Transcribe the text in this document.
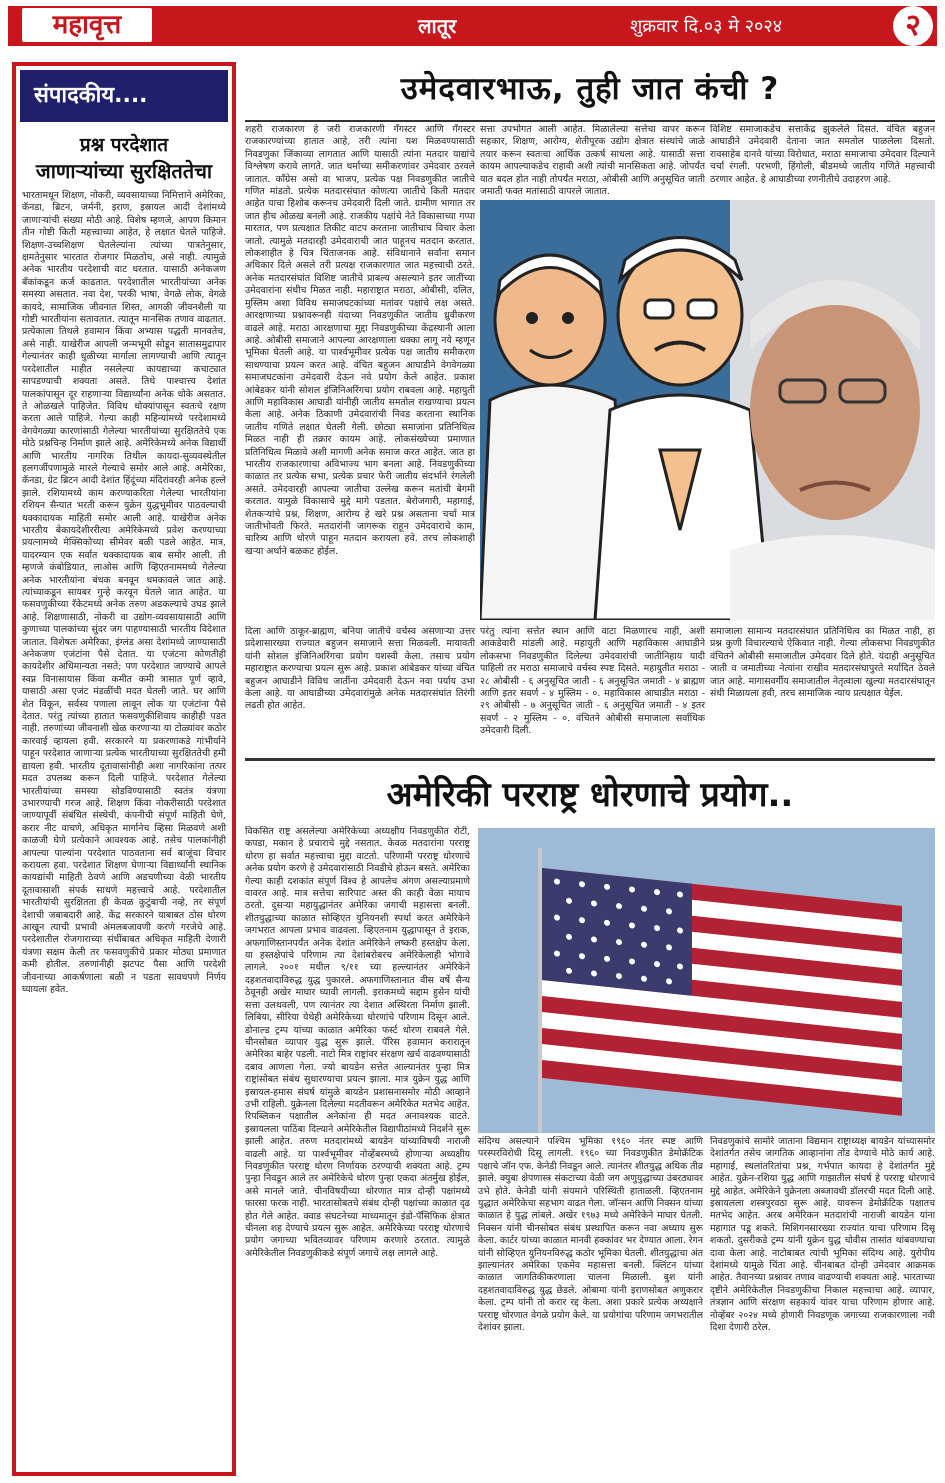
महावृत्त	लातूर	शुक्रवार दि.०३ मे २०२४	२
संपादकीय....
प्रश्न परदेशात
जाणार्‍यांच्या सुरक्षिततेचा

भारतामधून शिक्षण, नोकरी, व्यवसायाच्या निमित्ताने अमेरिका, कॅनडा, ब्रिटन, जर्मनी, इराण, इस्रायल आदी देशांमध्ये जाणार्‍यांची संख्या मोठी आहे. विशेष म्हणजे, आपण किमान तीन गोष्टी किती महत्त्वाच्या आहेत, हे लक्षात घेतले पाहिजे. शिक्षण-उच्चशिक्षण घेतलेल्यांना त्यांच्या पात्रतेनुसार, क्षमतेनुसार भारतात रोजगार मिळतोच, असे नाही. त्यामुळे अनेक भारतीय परदेशाची वाट धरतात. यासाठी अनेकजण बॅंकांकडून कर्ज काढतात. परदेशातील भारतीयांच्या अनेक समस्या असतात. नवा देश, परकी भाषा, वेगळे लोक, वेगळे कायदे, सामाजिक जीवनात शिस्त, आगळी जीवनशैली या गोष्टी भारतीयांना सतावतात. त्यातून मानसिक तणाव वाढतात. प्रत्येकाला तिथले हवामान किंवा अभ्यास पद्धती मानवतेच, असे नाही. याखेरीज आपली जन्मभूमी सोडून सातासमुद्रापार गेल्यानंतर काही धुळीच्या मार्गाला लागण्याची आणि त्यातून परदेशातील माहीत नसलेल्या कायद्याच्या कचाट्यात सापडण्याची शक्यता असते. तिथे पाश्चात्त्य देशांत पालकांपासून दूर राहणार्‍या विद्यार्थ्यांना अनेक धोके असतात. ते ओळखले पाहिजेत. विविध धोक्यांपासून स्वतःचे रक्षण करता आले पाहिजे. गेल्या काही महिन्यांमध्ये परदेशामध्ये वेगवेगळ्या कारणांसाठी गेलेल्या भारतीयांच्या सुरक्षिततेचे एक मोठे प्रश्नचिन्ह निर्माण झाले आहे. अमेरिकेमध्ये अनेक विद्यार्थी आणि भारतीय नागरिक तिथील कायदा-सुव्यवस्थेतील हलगर्जीपणामुळे मारले गेल्याचे समोर आले आहे. अमेरिका, कॅनडा, ग्रेट ब्रिटन आदी देशांत हिंदूंच्या मंदिरांवरही अनेक हल्ले झाले. रशियामध्ये काम करण्याकरिता गेलेल्या भारतीयांना रशियन सैन्यात भरती करून युक्रेन युद्धभूमीवर पाठवल्याची धक्कादायक माहिती समोर आली आहे. याखेरीज अनेक भारतीय बेकायदेशीररीत्या अमेरिकेमध्ये प्रवेश करण्याच्या प्रयत्नामध्ये मेक्सिकोच्या सीमेवर बळी पडले आहेत. मात्र, यादरम्यान एक सर्वात धक्कादायक बाब समोर आली. ती म्हणजे कंबोडियात, लाओस आणि व्हिएतनाममध्ये गेलेल्या अनेक भारतीयांना बंधक बनवून धमकावले जात आहे. त्यांच्याकडून सायबर गुन्हे करवून घेतले जात आहेत. या फसवणुकीच्या रॅकेटमध्ये अनेक तरुण अडकल्याचे उघड झाले आहे. शिक्षणासाठी, नोकरी वा उद्योग-व्यवसायासाठी आणि कुणाच्या पालकांच्या सुंदर जग पाहण्यासाठी भारतीय विदेशात जातात. विशेषतः अमेरिका, इंग्लंड असा देशांमध्ये जाण्यासाठी अनेकजण एजंटांना पैसे देतात. या एजंटना कोणतीही कायदेशीर अधिमान्यता नसते; पण परदेशात जाण्याचे आपले स्वप्न विनासायास किंवा कमीत कमी त्रासात पूर्ण व्हावे, यासाठी असा एजंट मंडळींची मदत घेतली जाते. घर आणि शेत विकून, सर्वस्व पणाला लावून लोक या एजंटांना पैसे देतात. परंतु त्यांच्या हातात फसवणुकीशिवाय काहीही पडत नाही. तरुणांच्या जीवनाशी खेळ करणार्‍या या टोळ्यांवर कठोर कारवाई व्हायला हवी. सरकारने या प्रकरणाकडे गांभीर्याने पाहून परदेशात जाणार्‍या प्रत्येक भारतीयाच्या सुरक्षिततेची हमी द्यायला हवी. भारतीय दूतावासांनीही अशा नागरिकांना तत्पर मदत उपलब्ध करून दिली पाहिजे. परदेशात गेलेल्या भारतीयांच्या समस्या सोडविण्यासाठी स्वतंत्र यंत्रणा उभारण्याची गरज आहे. शिक्षण किंवा नोकरीसाठी परदेशात जाण्यापूर्वी संबंधित संस्थेची, कंपनीची संपूर्ण माहिती घेणे, करार नीट वाचणे, अधिकृत मार्गानेच व्हिसा मिळवणे अशी काळजी घेणे प्रत्येकाने आवश्यक आहे. तसेच पालकांनीही आपल्या पाल्यांना परदेशात पाठवताना सर्व बाजूंचा विचार करायला हवा. परदेशात शिक्षण घेणार्‍या विद्यार्थ्यांनी स्थानिक कायद्यांची माहिती ठेवणे आणि अडचणीच्या वेळी भारतीय दूतावासाशी संपर्क साधणे महत्त्वाचे आहे. परदेशातील भारतीयांची सुरक्षितता ही केवळ कुटुंबाची नव्हे, तर संपूर्ण देशाची जबाबदारी आहे. केंद्र सरकारने याबाबत ठोस धोरण आखून त्याची प्रभावी अंमलबजावणी करणे गरजेचे आहे. परदेशातील रोजगाराच्या संधींबाबत अधिकृत माहिती देणारी यंत्रणा सक्षम केली तर फसवणुकीचे प्रकार मोठ्या प्रमाणात कमी होतील. तरुणांनीही झटपट पैसा आणि परदेशी जीवनाच्या आकर्षणाला बळी न पडता सावधपणे निर्णय घ्यायला हवेत.

उमेदवारभाऊ, तुही जात कंची ?

शहरी राजकारण हे जरी राजकारणी गॅंगस्टर आणि गॅंगस्टर राजकारण्यांच्या हातात आहे, तरी त्यांना यश मिळवण्यासाठी निवडणुका जिंकाव्या लागतात आणि यासाठी त्यांना मतदार याद्यांचे विश्लेषण करावे लागते. जात धर्माच्या समीकरणांवर उमेदवार ठरवले जातात. काँग्रेस असो वा भाजप, प्रत्येक पक्ष निवडणुकीत जातीचे गणित मांडतो. प्रत्येक मतदारसंघात कोणत्या जातीचे किती मतदार आहेत याचा हिशोब करूनच उमेदवारी दिली जाते. ग्रामीण भागात तर जात हीच ओळख बनली आहे. राजकीय पक्षांचे नेते विकासाच्या गप्पा मारतात, पण प्रत्यक्षात तिकीट वाटप करताना जातीचाच विचार केला जातो. त्यामुळे मतदारही उमेदवाराची जात पाहूनच मतदान करतात. लोकशाहीत हे चित्र चिंताजनक आहे. संविधानाने सर्वांना समान अधिकार दिले असले तरी प्रत्यक्ष राजकारणात जात महत्त्वाची ठरते. अनेक मतदारसंघांत विशिष्ट जातीचे प्राबल्य असल्याने इतर जातींच्या उमेदवारांना संधीच मिळत नाही. महाराष्ट्रात मराठा, ओबीसी, दलित, मुस्लिम अशा विविध समाजघटकांच्या मतांवर पक्षांचे लक्ष असते. आरक्षणाच्या प्रश्नावरूनही यंदाच्या निवडणुकीत जातीय ध्रुवीकरण वाढले आहे. मराठा आरक्षणाचा मुद्दा निवडणुकीच्या केंद्रस्थानी आला आहे. ओबीसी समाजाने आपल्या आरक्षणाला धक्का लागू नये म्हणून भूमिका घेतली आहे. या पार्श्वभूमीवर प्रत्येक पक्ष जातीय समीकरण साधण्याचा प्रयत्न करत आहे. वंचित बहुजन आघाडीने वेगवेगळ्या समाजघटकांना उमेदवारी देऊन नवे प्रयोग केले आहेत. प्रकाश आंबेडकर यांनी सोशल इंजिनिअरिंगचा प्रयोग राबवला आहे. महायुती आणि महाविकास आघाडी यांनीही जातीय समतोल राखण्याचा प्रयत्न केला आहे. अनेक ठिकाणी उमेदवारांची निवड करताना स्थानिक जातीय गणिते लक्षात घेतली गेली. छोट्या समाजांना प्रतिनिधित्व मिळत नाही ही तक्रार कायम आहे. लोकसंख्येच्या प्रमाणात प्रतिनिधित्व मिळावे अशी मागणी अनेक समाज करत आहेत. जात हा भारतीय राजकारणाचा अविभाज्य भाग बनला आहे. निवडणुकीच्या काळात तर प्रत्येक सभा, प्रत्येक प्रचार फेरी जातीय संदर्भाने रंगलेली असते. उमेदवारही आपल्या जातीचा उल्लेख करून मतांची बेगमी करतात. यामुळे विकासाचे मुद्दे मागे पडतात. बेरोजगारी, महागाई, शेतकर्‍यांचे प्रश्न, शिक्षण, आरोग्य हे खरे प्रश्न असताना चर्चा मात्र जातीभोवती फिरते. मतदारांनी जागरूक राहून उमेदवाराचे काम, चारित्र्य आणि धोरणे पाहून मतदान करायला हवे. तरच लोकशाही खर्‍या अर्थाने बळकट होईल.

सत्ता उपभोगत आली आहेत. मिळालेल्या सत्तेचा वापर करून सहकार, शिक्षण, आरोग्य, शेतीपूरक उद्योग क्षेत्रात संस्थांचे जाळे तयार करून स्वतःचा आर्थिक उत्कर्ष साधला आहे. यासाठी सत्ता कायम आपल्याकडेच राहावी अशी त्यांची मानसिकता आहे. जोपर्यंत यात बदल होत नाही तोपर्यंत मराठा, ओबीसी आणि अनुसूचित जाती जमाती फक्त मतांसाठी वापरले जातात.

विशिष्ट समाजाकडेच सत्ताकेंद्र झुकलेले दिसतं. वंचित बहुजन आघाडीने उमेदवारी देताना जात समतोल पाळलेला दिसतो. रावसाहेब दानवे यांच्या विरोधात, मराठा समाजाचा उमेदवार दिल्याने चर्चा रंगली. परभणी, हिंगोली, बीडमध्ये जातीय गणिते महत्त्वाची ठरणार आहेत. हे आघाडीच्या रणनीतीचे उदाहरण आहे.

दिला आणि ठाकूर-ब्राह्मण, बनिया जातीचे वर्चस्व असणार्‍या उत्तर प्रदेशासारख्या राज्यात बहुजन समाजाने सत्ता मिळवली. मायावती यांनी सोशल इंजिनिअरिंगचा प्रयोग यशस्वी केला. तसाच प्रयोग महाराष्ट्रात करण्याचा प्रयत्न सुरू आहे. प्रकाश आंबेडकर यांच्या वंचित बहुजन आघाडीने विविध जातींना उमेदवारी देऊन नवा पर्याय उभा केला आहे. या आघाडीच्या उमेदवारांमुळे अनेक मतदारसंघांत तिरंगी लढती होत आहेत.

परंतु त्यांना सत्तेत स्थान आणि वाटा मिळणारच नाही, अशी आकडेवारी मांडली आहे. महायुती आणि महाविकास आघाडीने लोकसभा निवडणुकीत दिलेल्या उमेदवारांची जातीनिहाय यादी पाहिली तर मराठा समाजाचे वर्चस्व स्पष्ट दिसते. महायुतीत मराठा - २८ ओबीसी - ६ अनुसूचित जाती - ६ अनुसूचित जमाती - ४ ब्राह्मण आणि इतर सवर्ण - ४ मुस्लिम - ०. महाविकास आघाडीत मराठा - २९ ओबीसी - ७ अनुसूचित जाती - ६ अनुसूचित जमाती - ४ इतर सवर्ण - २ मुस्लिम - ०. वंचितने ओबीसी समाजाला सर्वाधिक उमेदवारी दिली.

समाजाला सामान्य मतदारसंघात प्रतिनिधित्व का मिळत नाही, हा प्रश्न कुणी विचारल्याचे ऐकिवात नाही. गेल्या लोकसभा निवडणुकीत वंचितने ओबीसी समाजातील उमेदवार दिले होते. यंदाही अनुसूचित जाती व जमातीच्या नेत्यांना राखीव मतदारसंघापुरते मर्यादित ठेवले जात आहे. मागासवर्गीय समाजातील नेतृत्वाला खुल्या मतदारसंघातून संधी मिळायला हवी, तरच सामाजिक न्याय प्रत्यक्षात येईल.

अमेरिकी परराष्ट्र धोरणाचे प्रयोग..

विकसित राष्ट्र असलेल्या अमेरिकेच्या अध्यक्षीय निवडणुकीत रोटी, कपडा, मकान हे प्रचाराचे मुद्दे नसतात. केवळ मतदारांना परराष्ट्र धोरण हा सर्वात महत्त्वाचा मुद्दा वाटतो. परिणामी परराष्ट्र धोरणाचे अनेक प्रयोग करणे हे उमेदवारांसाठी निवडीचे होऊन बसते. अमेरिका गेल्या काही दशकांत संपूर्ण विश्व हे आपलेच अंगण असल्याप्रमाणे वावरत आहे. मात्र सत्तेचा सारिपाट अस्त की काही वेळा मायाच ठरतो. दुसर्‍या महायुद्धानंतर अमेरिका जगाची महासत्ता बनली. शीतयुद्धाच्या काळात सोव्हिएत युनियनशी स्पर्धा करत अमेरिकेने जगभरात आपला प्रभाव वाढवला. व्हिएतनाम युद्धापासून ते इराक, अफगाणिस्तानपर्यंत अनेक देशांत अमेरिकेने लष्करी हस्तक्षेप केला. या हस्तक्षेपांचे परिणाम त्या देशांबरोबरच अमेरिकेलाही भोगावे लागले. २००१ मधील ९/११ च्या हल्ल्यानंतर अमेरिकेने दहशतवादाविरुद्ध युद्ध पुकारले. अफगाणिस्तानात वीस वर्षे सैन्य ठेवूनही अखेर माघार घ्यावी लागली. इराकमध्ये सद्दाम हुसेन यांची सत्ता उलथवली, पण त्यानंतर त्या देशात अस्थिरता निर्माण झाली. लिबिया, सीरिया येथेही अमेरिकेच्या धोरणांचे परिणाम दिसून आले. डोनाल्ड ट्रम्प यांच्या काळात अमेरिका फर्स्ट धोरण राबवले गेले. चीनसोबत व्यापार युद्ध सुरू झाले. पॅरिस हवामान करारातून अमेरिका बाहेर पडली. नाटो मित्र राष्ट्रांवर संरक्षण खर्च वाढवण्यासाठी दबाव आणला गेला. ज्यो बायडेन सत्तेत आल्यानंतर पुन्हा मित्र राष्ट्रांसोबत संबंध सुधारण्याचा प्रयत्न झाला. मात्र युक्रेन युद्ध आणि इस्रायल-हमास संघर्ष यांमुळे बायडेन प्रशासनासमोर मोठी आव्हाने उभी राहिली. युक्रेनला दिलेल्या मदतीवरून अमेरिकेत मतभेद आहेत. रिपब्लिकन पक्षातील अनेकांना ही मदत अनावश्यक वाटते. इस्रायलला पाठिंबा दिल्याने अमेरिकेतील विद्यापीठांमध्ये निदर्शने सुरू झाली आहेत. तरुण मतदारांमध्ये बायडेन यांच्याविषयी नाराजी वाढली आहे. या पार्श्वभूमीवर नोव्हेंबरमध्ये होणार्‍या अध्यक्षीय निवडणुकीत परराष्ट्र धोरण निर्णायक ठरण्याची शक्यता आहे. ट्रम्प पुन्हा निवडून आले तर अमेरिकेचे धोरण पुन्हा एकदा अंतर्मुख होईल, असे मानले जाते. चीनविषयीच्या धोरणात मात्र दोन्ही पक्षांमध्ये फारसा फरक नाही. भारतासोबतचे संबंध दोन्ही पक्षांच्या काळात दृढ होत गेले आहेत. क्वाड संघटनेच्या माध्यमातून इंडो-पॅसिफिक क्षेत्रात चीनला शह देण्याचे प्रयत्न सुरू आहेत. अमेरिकेच्या परराष्ट्र धोरणाचे प्रयोग जगाच्या भवितव्यावर परिणाम करणारे ठरतात. त्यामुळे अमेरिकेतील निवडणुकीकडे संपूर्ण जगाचे लक्ष लागले आहे.

संदिग्ध असल्याने पश्चिम भूमिका १९६० नंतर स्पष्ट आणि परस्परविरोधी दिसू लागली. १९६० च्या निवडणुकीत डेमोक्रॅटिक पक्षाचे जॉन एफ. केनेडी निवडून आले. त्यानंतर शीतयुद्ध अधिक तीव्र झाले. क्युबा क्षेपणास्त्र संकटाच्या वेळी जग अणुयुद्धाच्या उंबरठ्यावर उभे होते. केनेडी यांनी संयमाने परिस्थिती हाताळली. व्हिएतनाम युद्धात अमेरिकेचा सहभाग वाढत गेला. जॉन्सन आणि निक्सन यांच्या काळात हे युद्ध लांबले. अखेर १९७३ मध्ये अमेरिकेने माघार घेतली. निक्सन यांनी चीनसोबत संबंध प्रस्थापित करून नवा अध्याय सुरू केला. कार्टर यांच्या काळात मानवी हक्कांवर भर देण्यात आला. रेगन यांनी सोव्हिएत युनियनविरुद्ध कठोर भूमिका घेतली. शीतयुद्धाचा अंत झाल्यानंतर अमेरिका एकमेव महासत्ता बनली. क्लिंटन यांच्या काळात जागतिकीकरणाला चालना मिळाली. बुश यांनी दहशतवादाविरुद्ध युद्ध छेडले. ओबामा यांनी इराणसोबत अणुकरार केला. ट्रम्प यांनी तो करार रद्द केला. अशा प्रकारे प्रत्येक अध्यक्षाने परराष्ट्र धोरणात वेगळे प्रयोग केले. या प्रयोगांचा परिणाम जगभरातील देशांवर झाला.

निवडणुकांचे सामोरे जाताना विद्यमान राष्ट्राध्यक्ष बायडेन यांच्यासमोर देशांतर्गत तसेच जागतिक आव्हानांना तोंड देण्याचे मोठे कार्य आहे. महागाई, स्थलांतरितांचा प्रश्न, गर्भपात कायदा हे देशांतर्गत मुद्दे आहेत. युक्रेन-रशिया युद्ध आणि गाझातील संघर्ष हे परराष्ट्र धोरणाचे मुद्दे आहेत. अमेरिकेने युक्रेनला अब्जावधी डॉलरची मदत दिली आहे. इस्रायलला शस्त्रपुरवठा सुरू आहे. यावरून डेमोक्रॅटिक पक्षातच मतभेद आहेत. अरब अमेरिकन मतदारांची नाराजी बायडेन यांना महागात पडू शकते. मिशिगनसारख्या राज्यांत याचा परिणाम दिसू शकतो. दुसरीकडे ट्रम्प यांनी युक्रेन युद्ध चोवीस तासांत थांबवण्याचा दावा केला आहे. नाटोबाबत त्यांची भूमिका संदिग्ध आहे. युरोपीय देशांमध्ये यामुळे चिंता आहे. चीनबाबत दोन्ही उमेदवार आक्रमक आहेत. तैवानच्या प्रश्नावर तणाव वाढण्याची शक्यता आहे. भारताच्या दृष्टीने अमेरिकेतील निवडणुकीचा निकाल महत्त्वाचा आहे. व्यापार, तंत्रज्ञान आणि संरक्षण सहकार्य यांवर याचा परिणाम होणार आहे. नोव्हेंबर २०२४ मध्ये होणारी निवडणूक जगाच्या राजकारणाला नवी दिशा देणारी ठरेल.
